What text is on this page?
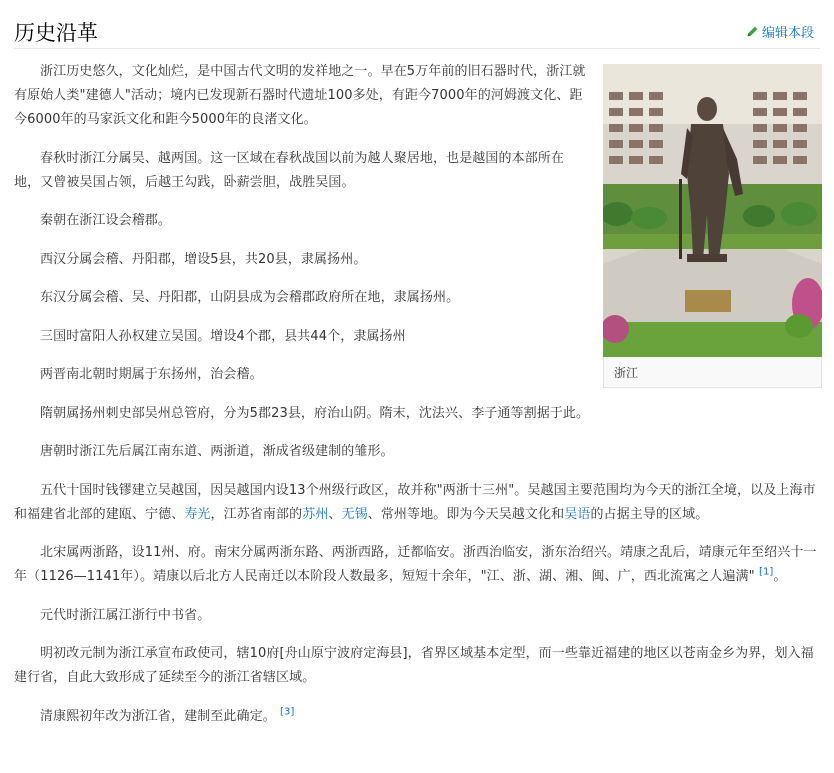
历史沿革	编辑本段
浙江

浙江历史悠久，文化灿烂，是中国古代文明的发祥地之一。早在5万年前的旧石器时代，浙江就有原始人类"建德人"活动；境内已发现新石器时代遗址100多处，有距今7000年的河姆渡文化、距今6000年的马家浜文化和距今5000年的良渚文化。

春秋时浙江分属吴、越两国。这一区域在春秋战国以前为越人聚居地，也是越国的本部所在地，又曾被吴国占领，后越王勾践，卧薪尝胆，战胜吴国。

秦朝在浙江设会稽郡。

西汉分属会稽、丹阳郡，增设5县，共20县，隶属扬州。

东汉分属会稽、吴、丹阳郡，山阴县成为会稽郡政府所在地，隶属扬州。

三国时富阳人孙权建立吴国。增设4个郡，县共44个，隶属扬州

两晋南北朝时期属于东扬州，治会稽。

隋朝属扬州刺史部吴州总管府，分为5郡23县，府治山阴。隋末，沈法兴、李子通等割据于此。

唐朝时浙江先后属江南东道、两浙道，渐成省级建制的雏形。

五代十国时钱镠建立吴越国，因吴越国内设13个州级行政区，故并称"两浙十三州"。吴越国主要范围均为今天的浙江全境，以及上海市和福建省北部的建瓯、宁德、寿光，江苏省南部的苏州、无锡、常州等地。即为今天吴越文化和吴语的占据主导的区域。

北宋属两浙路，设11州、府。南宋分属两浙东路、两浙西路，迁都临安。浙西治临安，浙东治绍兴。靖康之乱后，靖康元年至绍兴十一年（1126—1141年）。靖康以后北方人民南迁以本阶段人数最多，短短十余年，"江、浙、湖、湘、闽、广，西北流寓之人遍满" [1]。

元代时浙江属江浙行中书省。

明初改元制为浙江承宣布政使司，辖10府[舟山原宁波府定海县]，省界区域基本定型，而一些靠近福建的地区以苍南金乡为界，划入福建行省，自此大致形成了延续至今的浙江省辖区域。

清康熙初年改为浙江省，建制至此确定。 [3]
